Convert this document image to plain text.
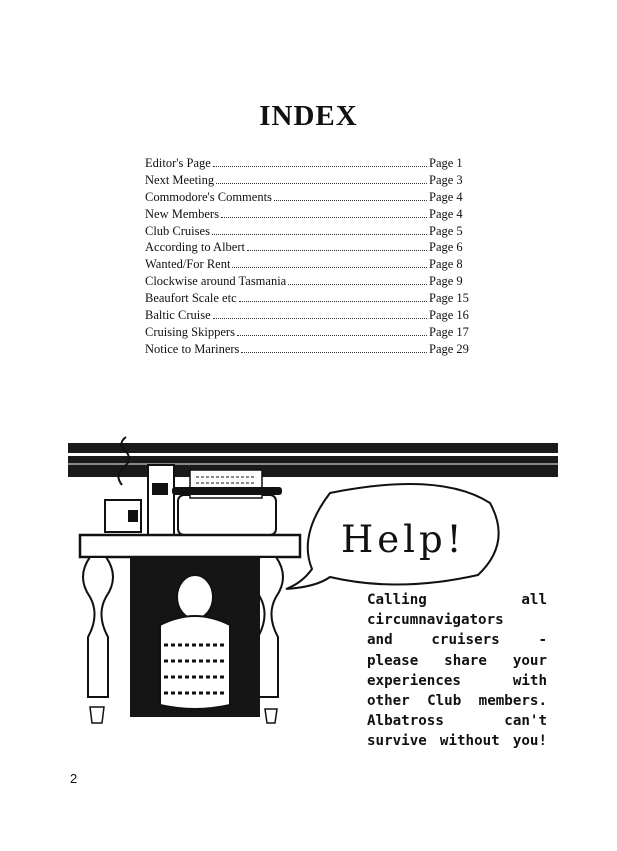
INDEX
Editor's Page	Page 1
Next Meeting	Page 3
Commodore's Comments	Page 4
New Members	Page 4
Club Cruises	Page 5
According to Albert	Page 6
Wanted/For Rent	Page 8
Clockwise around Tasmania	Page 9
Beaufort Scale etc	Page 15
Baltic Cruise	Page 16
Cruising Skippers	Page 17
Notice to Mariners	Page 29
Help!

Calling all
circumnavigators
and cruisers -
please share your
experiences with
other Club members.
Albatross can't
survive without you!

2
